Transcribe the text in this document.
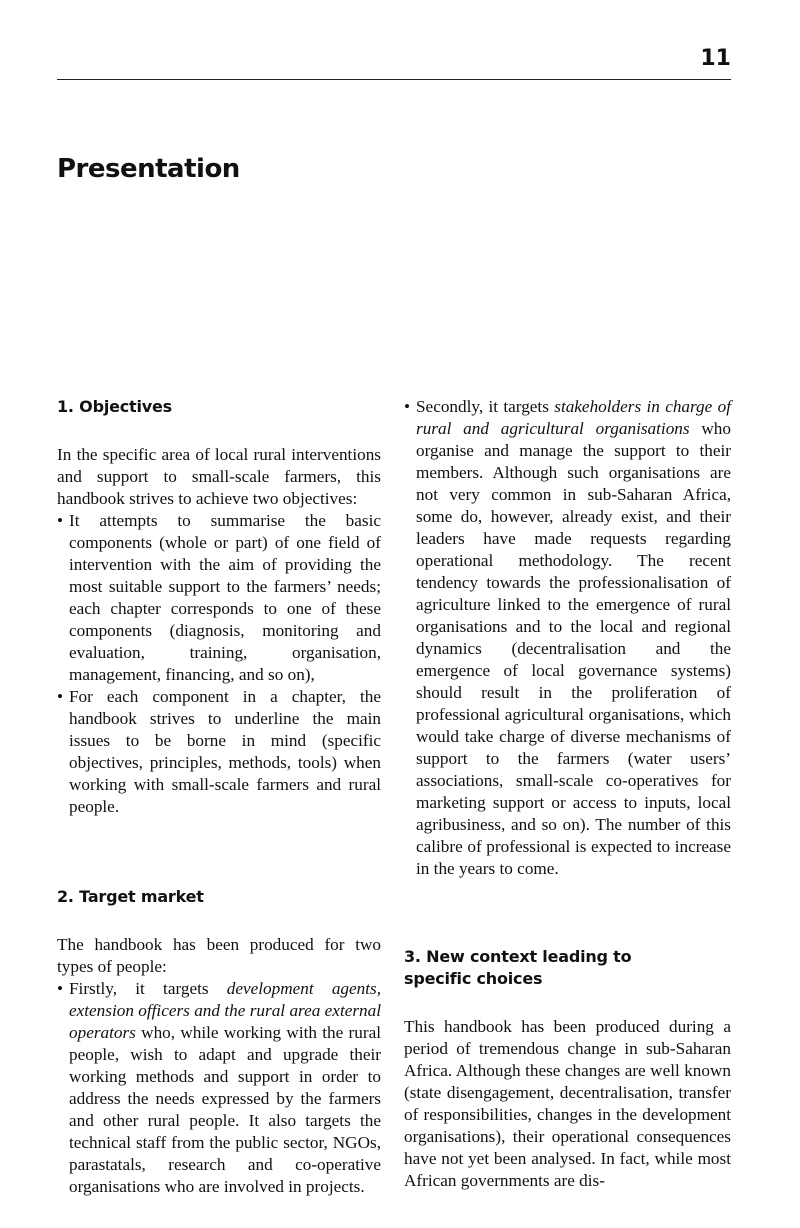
11
Presentation
1. Objectives

In the specific area of local rural interventions and support to small-scale farmers, this handbook strives to achieve two objectives:

• It attempts to summarise the basic components (whole or part) of one field of intervention with the aim of providing the most suitable support to the farmers’ needs; each chapter corresponds to one of these components (diagnosis, monitoring and evaluation, training, organisation, management, financing, and so on),
• For each component in a chapter, the handbook strives to underline the main issues to be borne in mind (specific objectives, principles, methods, tools) when working with small-scale farmers and rural people.
2. Target market

The handbook has been produced for two types of people:

• Firstly, it targets development agents, extension officers and the rural area external operators who, while working with the rural people, wish to adapt and upgrade their working methods and support in order to address the needs expressed by the farmers and other rural people. It also targets the technical staff from the public sector, NGOs, parastatals, research and co-operative organisations who are involved in projects.
• Secondly, it targets stakeholders in charge of rural and agricultural organisations who organise and manage the support to their members. Although such organisations are not very common in sub-Saharan Africa, some do, however, already exist, and their leaders have made requests regarding operational methodology. The recent tendency towards the professionalisation of agriculture linked to the emergence of rural organisations and to the local and regional dynamics (decentralisation and the emergence of local governance systems) should result in the proliferation of professional agricultural organisations, which would take charge of diverse mechanisms of support to the farmers (water users’ associations, small-scale co-operatives for marketing support or access to inputs, local agribusiness, and so on). The number of this calibre of professional is expected to increase in the years to come.
3. New context leading to
specific choices

This handbook has been produced during a period of tremendous change in sub-Saharan Africa. Although these changes are well known (state disengagement, decentralisation, transfer of responsibilities, changes in the development organisations), their operational consequences have not yet been analysed. In fact, while most African governments are dis-
